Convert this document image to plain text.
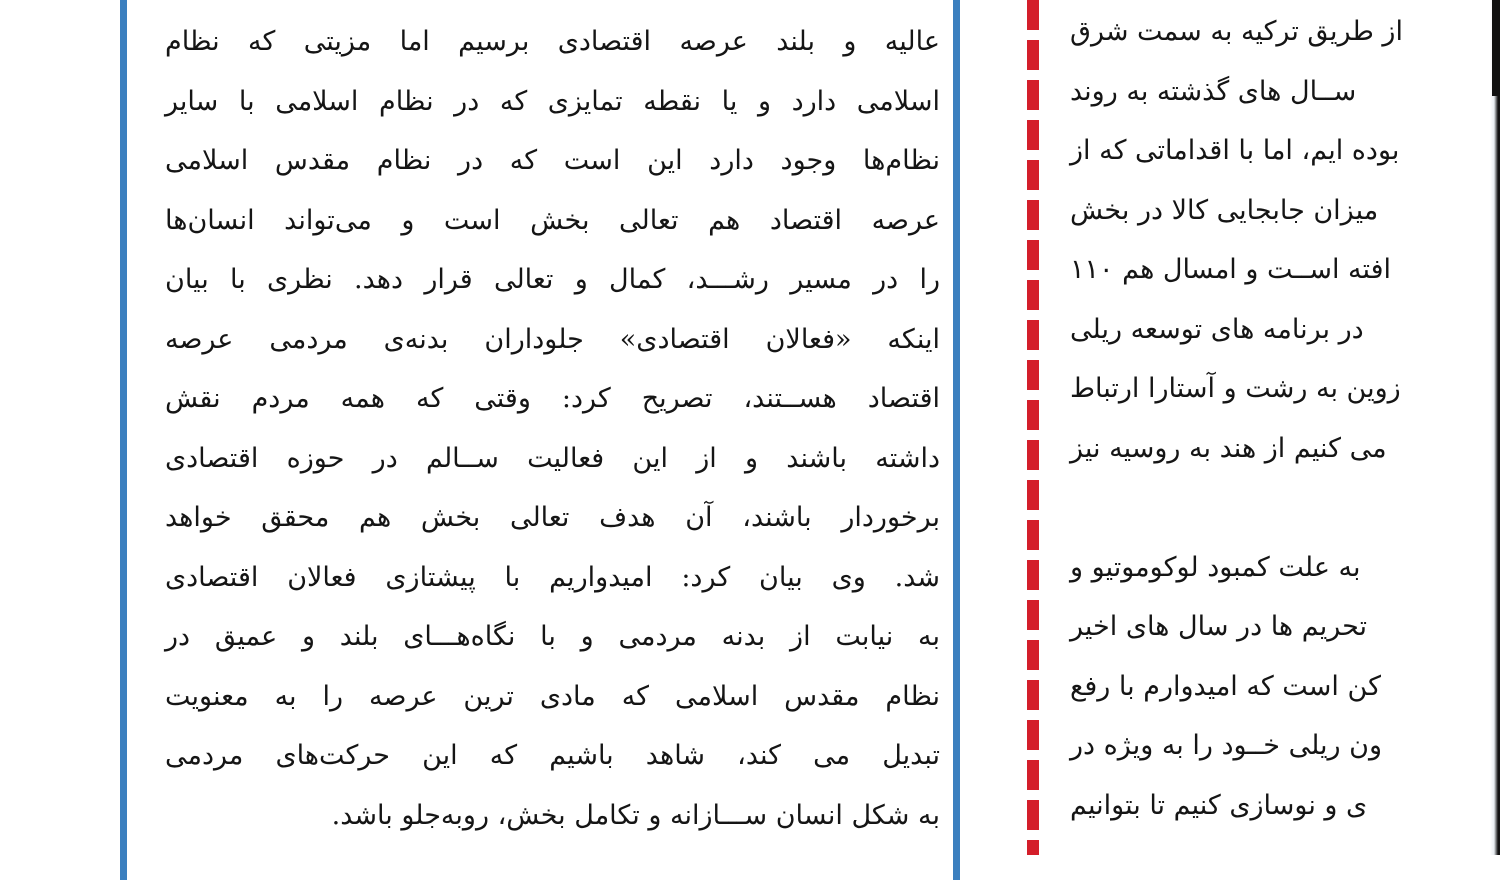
عالیه و بلند عرصه اقتصادی برسیم اما مزیتی که نظام
اسلامی دارد و یا نقطه تمایزی که در نظام اسلامی با سایر
نظام‌ها وجود دارد این است که در نظام مقدس اسلامی
عرصه اقتصاد هم تعالی بخش است و می‌تواند انسان‌ها
را در مسیر رشـــد، کمال و تعالی قرار دهد. نظری با بیان
اینکه «فعالان اقتصادی» جلوداران بدنه‌ی مردمی عرصه
اقتصاد هســتند، تصریح کرد: وقتی که همه مردم نقش
داشته باشند و از این فعالیت ســالم در حوزه اقتصادی
برخوردار باشند، آن هدف تعالی بخش هم محقق خواهد
شد. وی بیان کرد: امیدواریم با پیشتازی فعالان اقتصادی
به نیابت از بدنه مردمی و با نگاه‌هـــای بلند و عمیق در
نظام مقدس اسلامی که مادی ترین عرصه را به معنویت
تبدیل می کند، شاهد باشیم که این حرکت‌های مردمی
به شکل انسان ســـازانه و تکامل بخش، روبه‌جلو باشد.
از طریق ترکیه به سمت شرق
ســال های گذشته به روند
بوده ایم، اما با اقداماتی که از
میزان جابجایی کالا در بخش
افته اســت و امسال هم ۱۱۰
در برنامه های توسعه ریلی
زوین به رشت و آستارا ارتباط
می کنیم از هند به روسیه نیز
به علت کمبود لوکوموتیو و
تحریم ها در سال های اخیر
کن است که امیدوارم با رفع
ون ریلی خــود را به ویژه در
ی و نوسازی کنیم تا بتوانیم
